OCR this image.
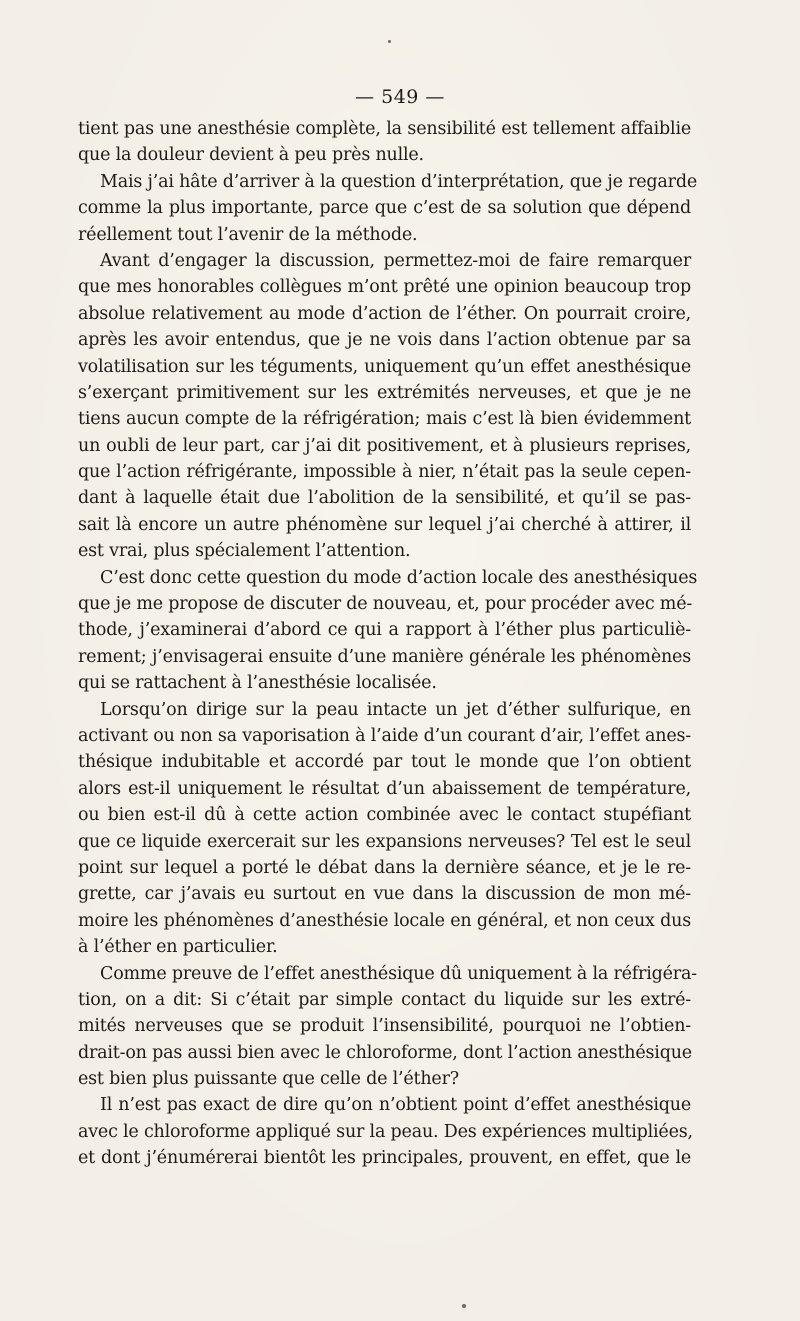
— 549 —
tient pas une anesthésie complète, la sensibilité est tellement affaiblie
que la douleur devient à peu près nulle.
Mais j’ai hâte d’arriver à la question d’interprétation, que je regarde
comme la plus importante, parce que c’est de sa solution que dépend
réellement tout l’avenir de la méthode.
Avant d’engager la discussion, permettez-moi de faire remarquer
que mes honorables collègues m’ont prêté une opinion beaucoup trop
absolue relativement au mode d’action de l’éther. On pourrait croire,
après les avoir entendus, que je ne vois dans l’action obtenue par sa
volatilisation sur les téguments, uniquement qu’un effet anesthésique
s’exerçant primitivement sur les extrémités nerveuses, et que je ne
tiens aucun compte de la réfrigération; mais c’est là bien évidemment
un oubli de leur part, car j’ai dit positivement, et à plusieurs reprises,
que l’action réfrigérante, impossible à nier, n’était pas la seule cepen-
dant à laquelle était due l’abolition de la sensibilité, et qu’il se pas-
sait là encore un autre phénomène sur lequel j’ai cherché à attirer, il
est vrai, plus spécialement l’attention.
C’est donc cette question du mode d’action locale des anesthésiques
que je me propose de discuter de nouveau, et, pour procéder avec mé-
thode, j’examinerai d’abord ce qui a rapport à l’éther plus particuliè-
rement; j’envisagerai ensuite d’une manière générale les phénomènes
qui se rattachent à l’anesthésie localisée.
Lorsqu’on dirige sur la peau intacte un jet d’éther sulfurique, en
activant ou non sa vaporisation à l’aide d’un courant d’air, l’effet anes-
thésique indubitable et accordé par tout le monde que l’on obtient
alors est-il uniquement le résultat d’un abaissement de température,
ou bien est-il dû à cette action combinée avec le contact stupéfiant
que ce liquide exercerait sur les expansions nerveuses? Tel est le seul
point sur lequel a porté le débat dans la dernière séance, et je le re-
grette, car j’avais eu surtout en vue dans la discussion de mon mé-
moire les phénomènes d’anesthésie locale en général, et non ceux dus
à l’éther en particulier.
Comme preuve de l’effet anesthésique dû uniquement à la réfrigéra-
tion, on a dit: Si c’était par simple contact du liquide sur les extré-
mités nerveuses que se produit l’insensibilité, pourquoi ne l’obtien-
drait-on pas aussi bien avec le chloroforme, dont l’action anesthésique
est bien plus puissante que celle de l’éther?
Il n’est pas exact de dire qu’on n’obtient point d’effet anesthésique
avec le chloroforme appliqué sur la peau. Des expériences multipliées,
et dont j’énumérerai bientôt les principales, prouvent, en effet, que le
